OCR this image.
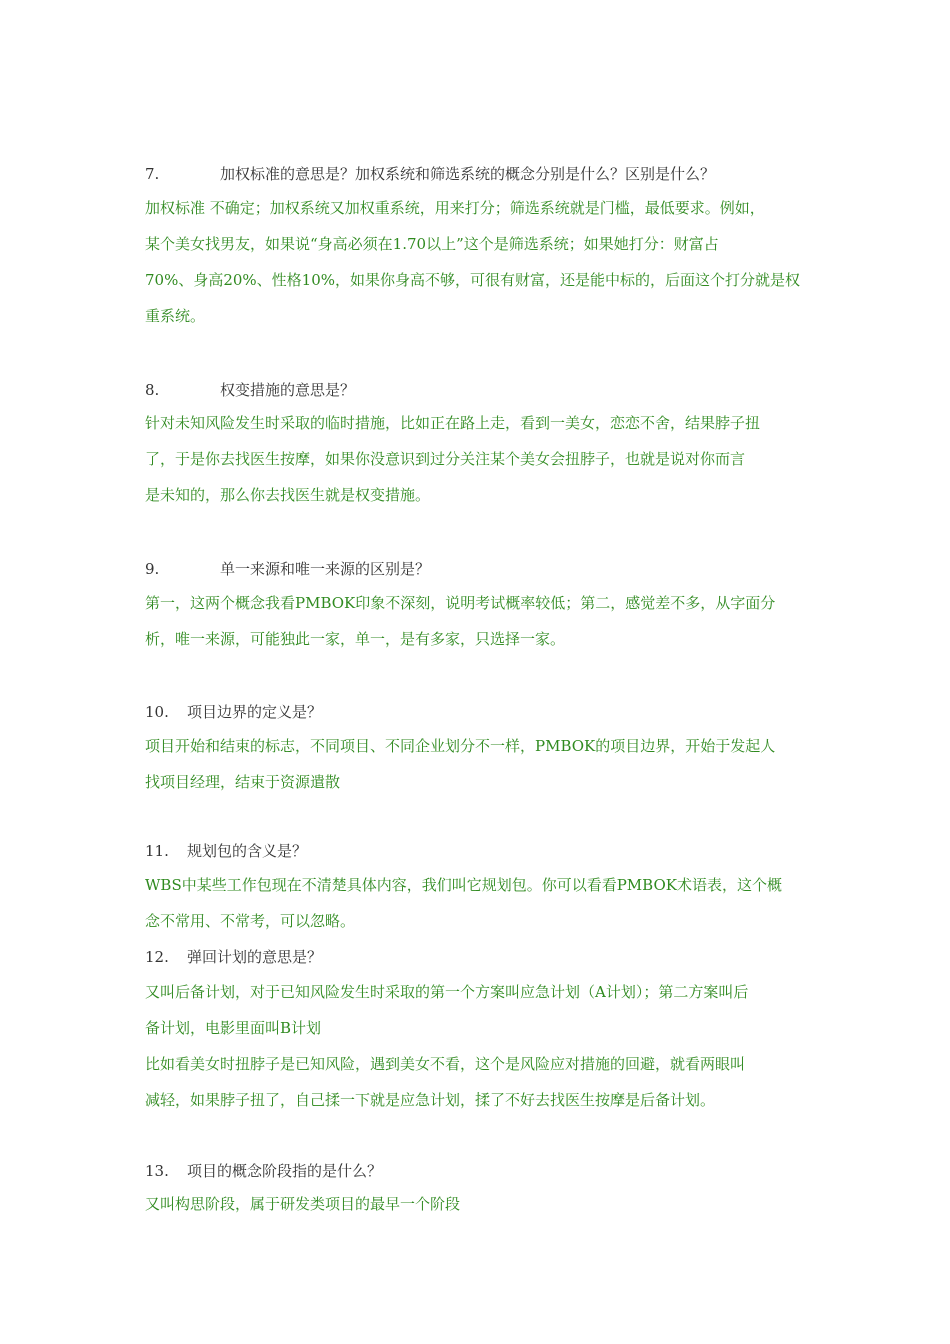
7.	加权标准的意思是？加权系统和筛选系统的概念分别是什么？区别是什么？
加权标准 不确定；加权系统又加权重系统，用来打分；筛选系统就是门槛，最低要求。例如，
某个美女找男友，如果说“身高必须在1.70以上”这个是筛选系统；如果她打分：财富占
70%、身高20%、性格10%，如果你身高不够，可很有财富，还是能中标的，后面这个打分就是权
重系统。
8.	权变措施的意思是？
针对未知风险发生时采取的临时措施，比如正在路上走，看到一美女，恋恋不舍，结果脖子扭
了，于是你去找医生按摩，如果你没意识到过分关注某个美女会扭脖子，也就是说对你而言
是未知的，那么你去找医生就是权变措施。
9.	单一来源和唯一来源的区别是？
第一，这两个概念我看PMBOK印象不深刻，说明考试概率较低；第二，感觉差不多，从字面分
析，唯一来源，可能独此一家，单一，是有多家，只选择一家。
10. 项目边界的定义是？
项目开始和结束的标志，不同项目、不同企业划分不一样，PMBOK的项目边界，开始于发起人
找项目经理，结束于资源遣散
11. 规划包的含义是？
WBS中某些工作包现在不清楚具体内容，我们叫它规划包。你可以看看PMBOK术语表，这个概
念不常用、不常考，可以忽略。
12. 弹回计划的意思是？
又叫后备计划，对于已知风险发生时采取的第一个方案叫应急计划（A计划）；第二方案叫后
备计划，电影里面叫B计划
比如看美女时扭脖子是已知风险，遇到美女不看，这个是风险应对措施的回避，就看两眼叫
减轻，如果脖子扭了，自己揉一下就是应急计划，揉了不好去找医生按摩是后备计划。
13. 项目的概念阶段指的是什么？
又叫构思阶段，属于研发类项目的最早一个阶段
